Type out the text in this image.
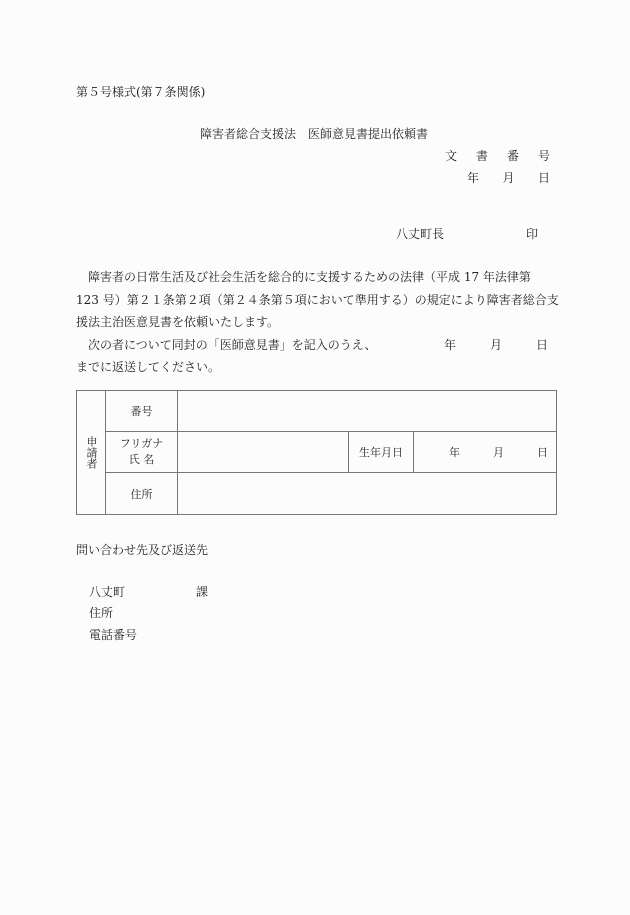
第５号様式(第７条関係)
障害者総合支援法　医師意見書提出依頼書
文 書 番 号
年 月 日
八丈町長	印
障害者の日常生活及び社会生活を総合的に支援するための法律（平成 17 年法律第
123 号）第２１条第２項（第２４条第５項において準用する）の規定により障害者総合支
援法主治医意見書を依頼いたします。
次の者について同封の「医師意見書」を記入のうえ、	年	月	日
までに返送してください。
申請者	番号			

	フリガナ
氏 名		生年月日	年 月 日
	住所			
問い合わせ先及び返送先
八丈町	課
住所
電話番号
